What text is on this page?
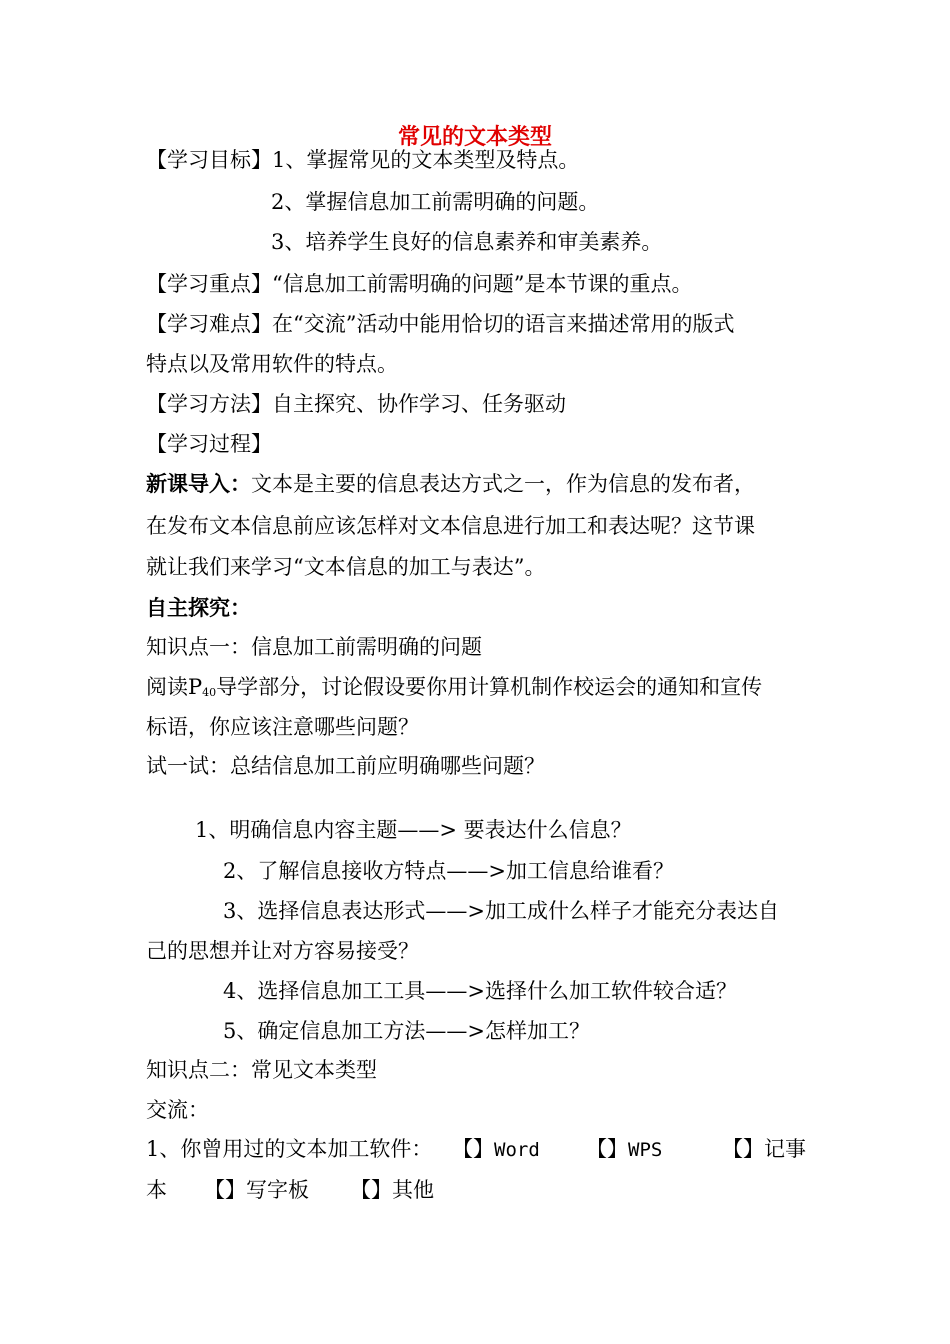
常见的文本类型
【学习目标】1、掌握常见的文本类型及特点。
2、掌握信息加工前需明确的问题。
3、培养学生良好的信息素养和审美素养。
【学习重点】“信息加工前需明确的问题”是本节课的重点。
【学习难点】在“交流”活动中能用恰切的语言来描述常用的版式
特点以及常用软件的特点。
【学习方法】自主探究、协作学习、任务驱动
【学习过程】
新课导入：文本是主要的信息表达方式之一，作为信息的发布者，
在发布文本信息前应该怎样对文本信息进行加工和表达呢？这节课
就让我们来学习“文本信息的加工与表达”。
自主探究：
知识点一：信息加工前需明确的问题
阅读$P_{40}$导学部分，讨论假设要你用计算机制作校运会的通知和宣传
标语，你应该注意哪些问题？
试一试：总结信息加工前应明确哪些问题？
1、明确信息内容主题——> 要表达什么信息？
2、了解信息接收方特点——>加工信息给谁看？
3、选择信息表达形式——>加工成什么样子才能充分表达自
己的思想并让对方容易接受？
4、选择信息加工工具——>选择什么加工软件较合适？
5、确定信息加工方法——>怎样加工？
知识点二：常见文本类型
交流：
1、你曾用过的文本加工软件： 【】Word 【】WPS	【】记事
本 【】写字板 【】其他
